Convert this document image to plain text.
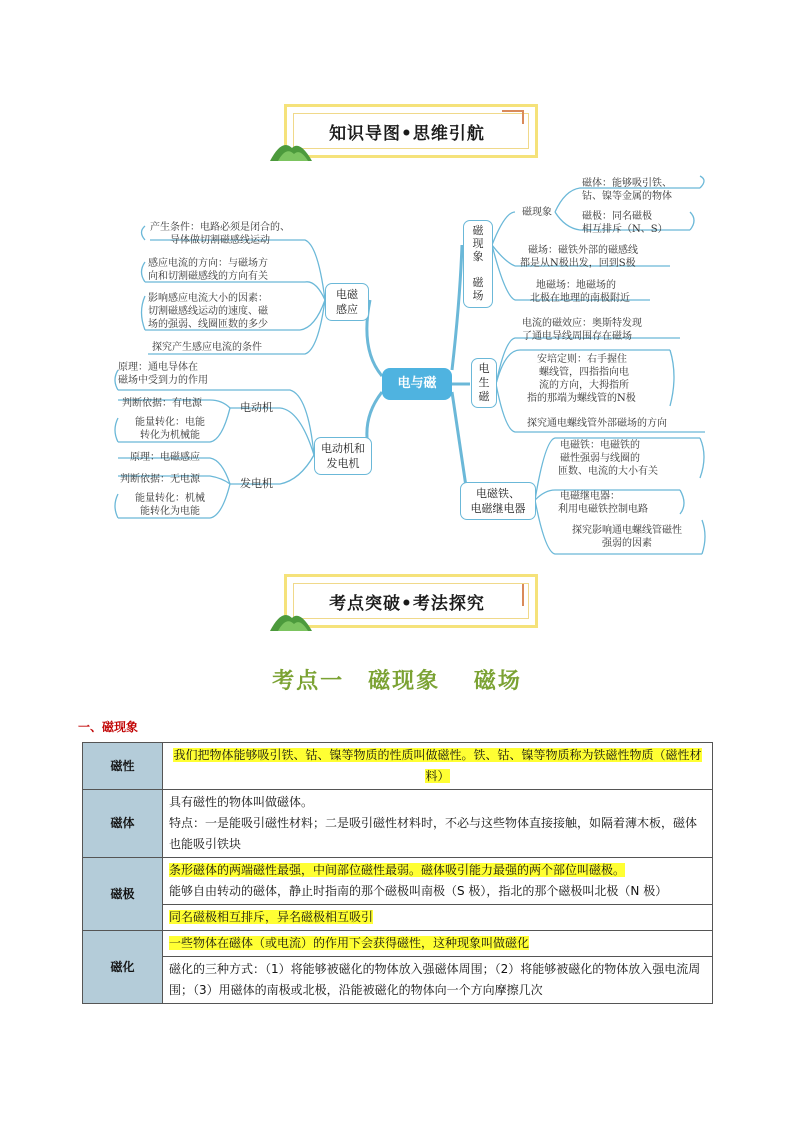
知识导图•思维引航
电与磁
电磁
感应
产生条件：电路必须是闭合的、
导体做切割磁感线运动
感应电流的方向：与磁场方
向和切割磁感线的方向有关
影响感应电流大小的因素：
切割磁感线运动的速度、磁
场的强弱、线圈匝数的多少
探究产生感应电流的条件
电动机和
发电机
原理：通电导体在
磁场中受到力的作用
电动机
判断依据：有电源
能量转化：电能
转化为机械能
发电机
原理：电磁感应
判断依据：无电源
能量转化：机械
能转化为电能
磁
现
象
磁
场
磁现象
磁体：能够吸引铁、
钴、镍等金属的物体
磁极：同名磁极
相互排斥（N、S）
磁场：磁铁外部的磁感线
都是从N极出发，回到S极
地磁场：地磁场的
北极在地理的南极附近
电
生
磁
电流的磁效应：奥斯特发现
了通电导线周围存在磁场
安培定则：右手握住
螺线管，四指指向电
流的方向，大拇指所
指的那端为螺线管的N极
探究通电螺线管外部磁场的方向
电磁铁、
电磁继电器
电磁铁：电磁铁的
磁性强弱与线圈的
匝数、电流的大小有关
电磁继电器：
利用电磁铁控制电路
探究影响通电螺线管磁性
强弱的因素
考点突破•考法探究
考点一　磁现象　 磁场
一、磁现象
磁性	我们把物体能够吸引铁、钴、镍等物质的性质叫做磁性。铁、钴、镍等物质称为铁磁性物质（磁性材料）
磁体	具有磁性的物体叫做磁体。
特点：一是能吸引磁性材料；二是吸引磁性材料时，不必与这些物体直接接触，如隔着薄木板，磁体也能吸引铁块

磁极	条形磁体的两端磁性最强，中间部位磁性最弱。磁体吸引能力最强的两个部位叫磁极。
能够自由转动的磁体，静止时指南的那个磁极叫南极（S 极），指北的那个磁极叫北极（N 极）

	同名磁极相互排斥，异名磁极相互吸引
磁化	一些物体在磁体（或电流）的作用下会获得磁性，这种现象叫做磁化
	磁化的三种方式：（1）将能够被磁化的物体放入强磁体周围；（2）将能够被磁化的物体放入强电流周围；（3）用磁体的南极或北极，沿能被磁化的物体向一个方向摩擦几次
